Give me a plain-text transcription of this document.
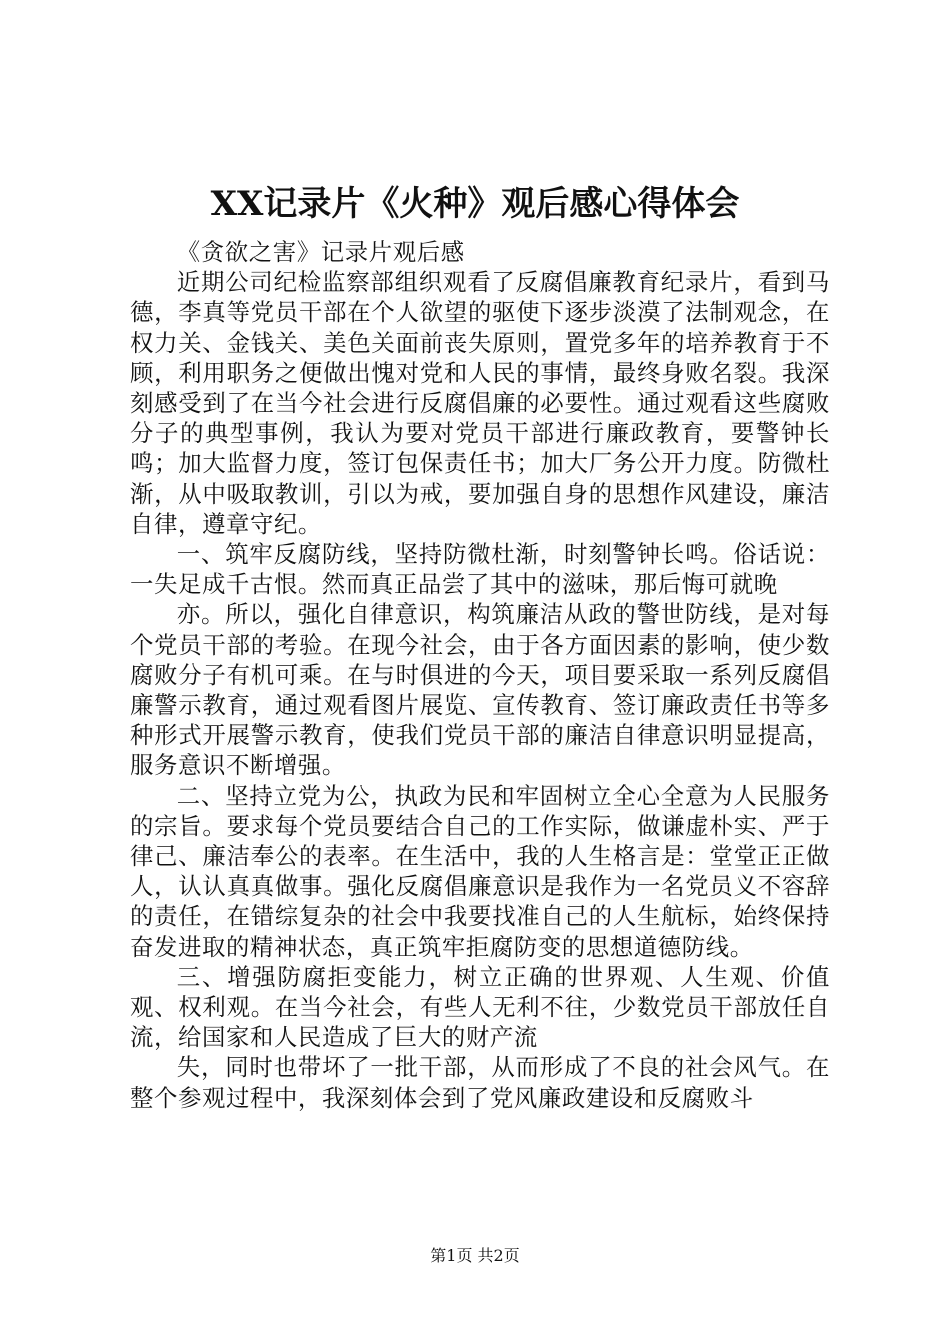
XX记录片《火种》观后感心得体会

《贪欲之害》记录片观后感

近期公司纪检监察部组织观看了反腐倡廉教育纪录片，看到马德，李真等党员干部在个人欲望的驱使下逐步淡漠了法制观念，在权力关、金钱关、美色关面前丧失原则，置党多年的培养教育于不顾，利用职务之便做出愧对党和人民的事情，最终身败名裂。我深刻感受到了在当今社会进行反腐倡廉的必要性。通过观看这些腐败分子的典型事例，我认为要对党员干部进行廉政教育，要警钟长鸣；加大监督力度，签订包保责任书；加大厂务公开力度。防微杜渐，从中吸取教训，引以为戒，要加强自身的思想作风建设，廉洁自律，遵章守纪。

一、筑牢反腐防线，坚持防微杜渐，时刻警钟长鸣。俗话说：一失足成千古恨。然而真正品尝了其中的滋味，那后悔可就晚

亦。所以，强化自律意识，构筑廉洁从政的警世防线，是对每个党员干部的考验。在现今社会，由于各方面因素的影响，使少数腐败分子有机可乘。在与时俱进的今天，项目要采取一系列反腐倡廉警示教育，通过观看图片展览、宣传教育、签订廉政责任书等多种形式开展警示教育，使我们党员干部的廉洁自律意识明显提高，服务意识不断增强。

二、坚持立党为公，执政为民和牢固树立全心全意为人民服务的宗旨。要求每个党员要结合自己的工作实际，做谦虚朴实、严于律己、廉洁奉公的表率。在生活中，我的人生格言是：堂堂正正做人，认认真真做事。强化反腐倡廉意识是我作为一名党员义不容辞的责任，在错综复杂的社会中我要找准自己的人生航标，始终保持奋发进取的精神状态，真正筑牢拒腐防变的思想道德防线。

三、增强防腐拒变能力，树立正确的世界观、人生观、价值观、权利观。在当今社会，有些人无利不往，少数党员干部放任自流，给国家和人民造成了巨大的财产流

失，同时也带坏了一批干部，从而形成了不良的社会风气。在整个参观过程中，我深刻体会到了党风廉政建设和反腐败斗

第1页 共2页
